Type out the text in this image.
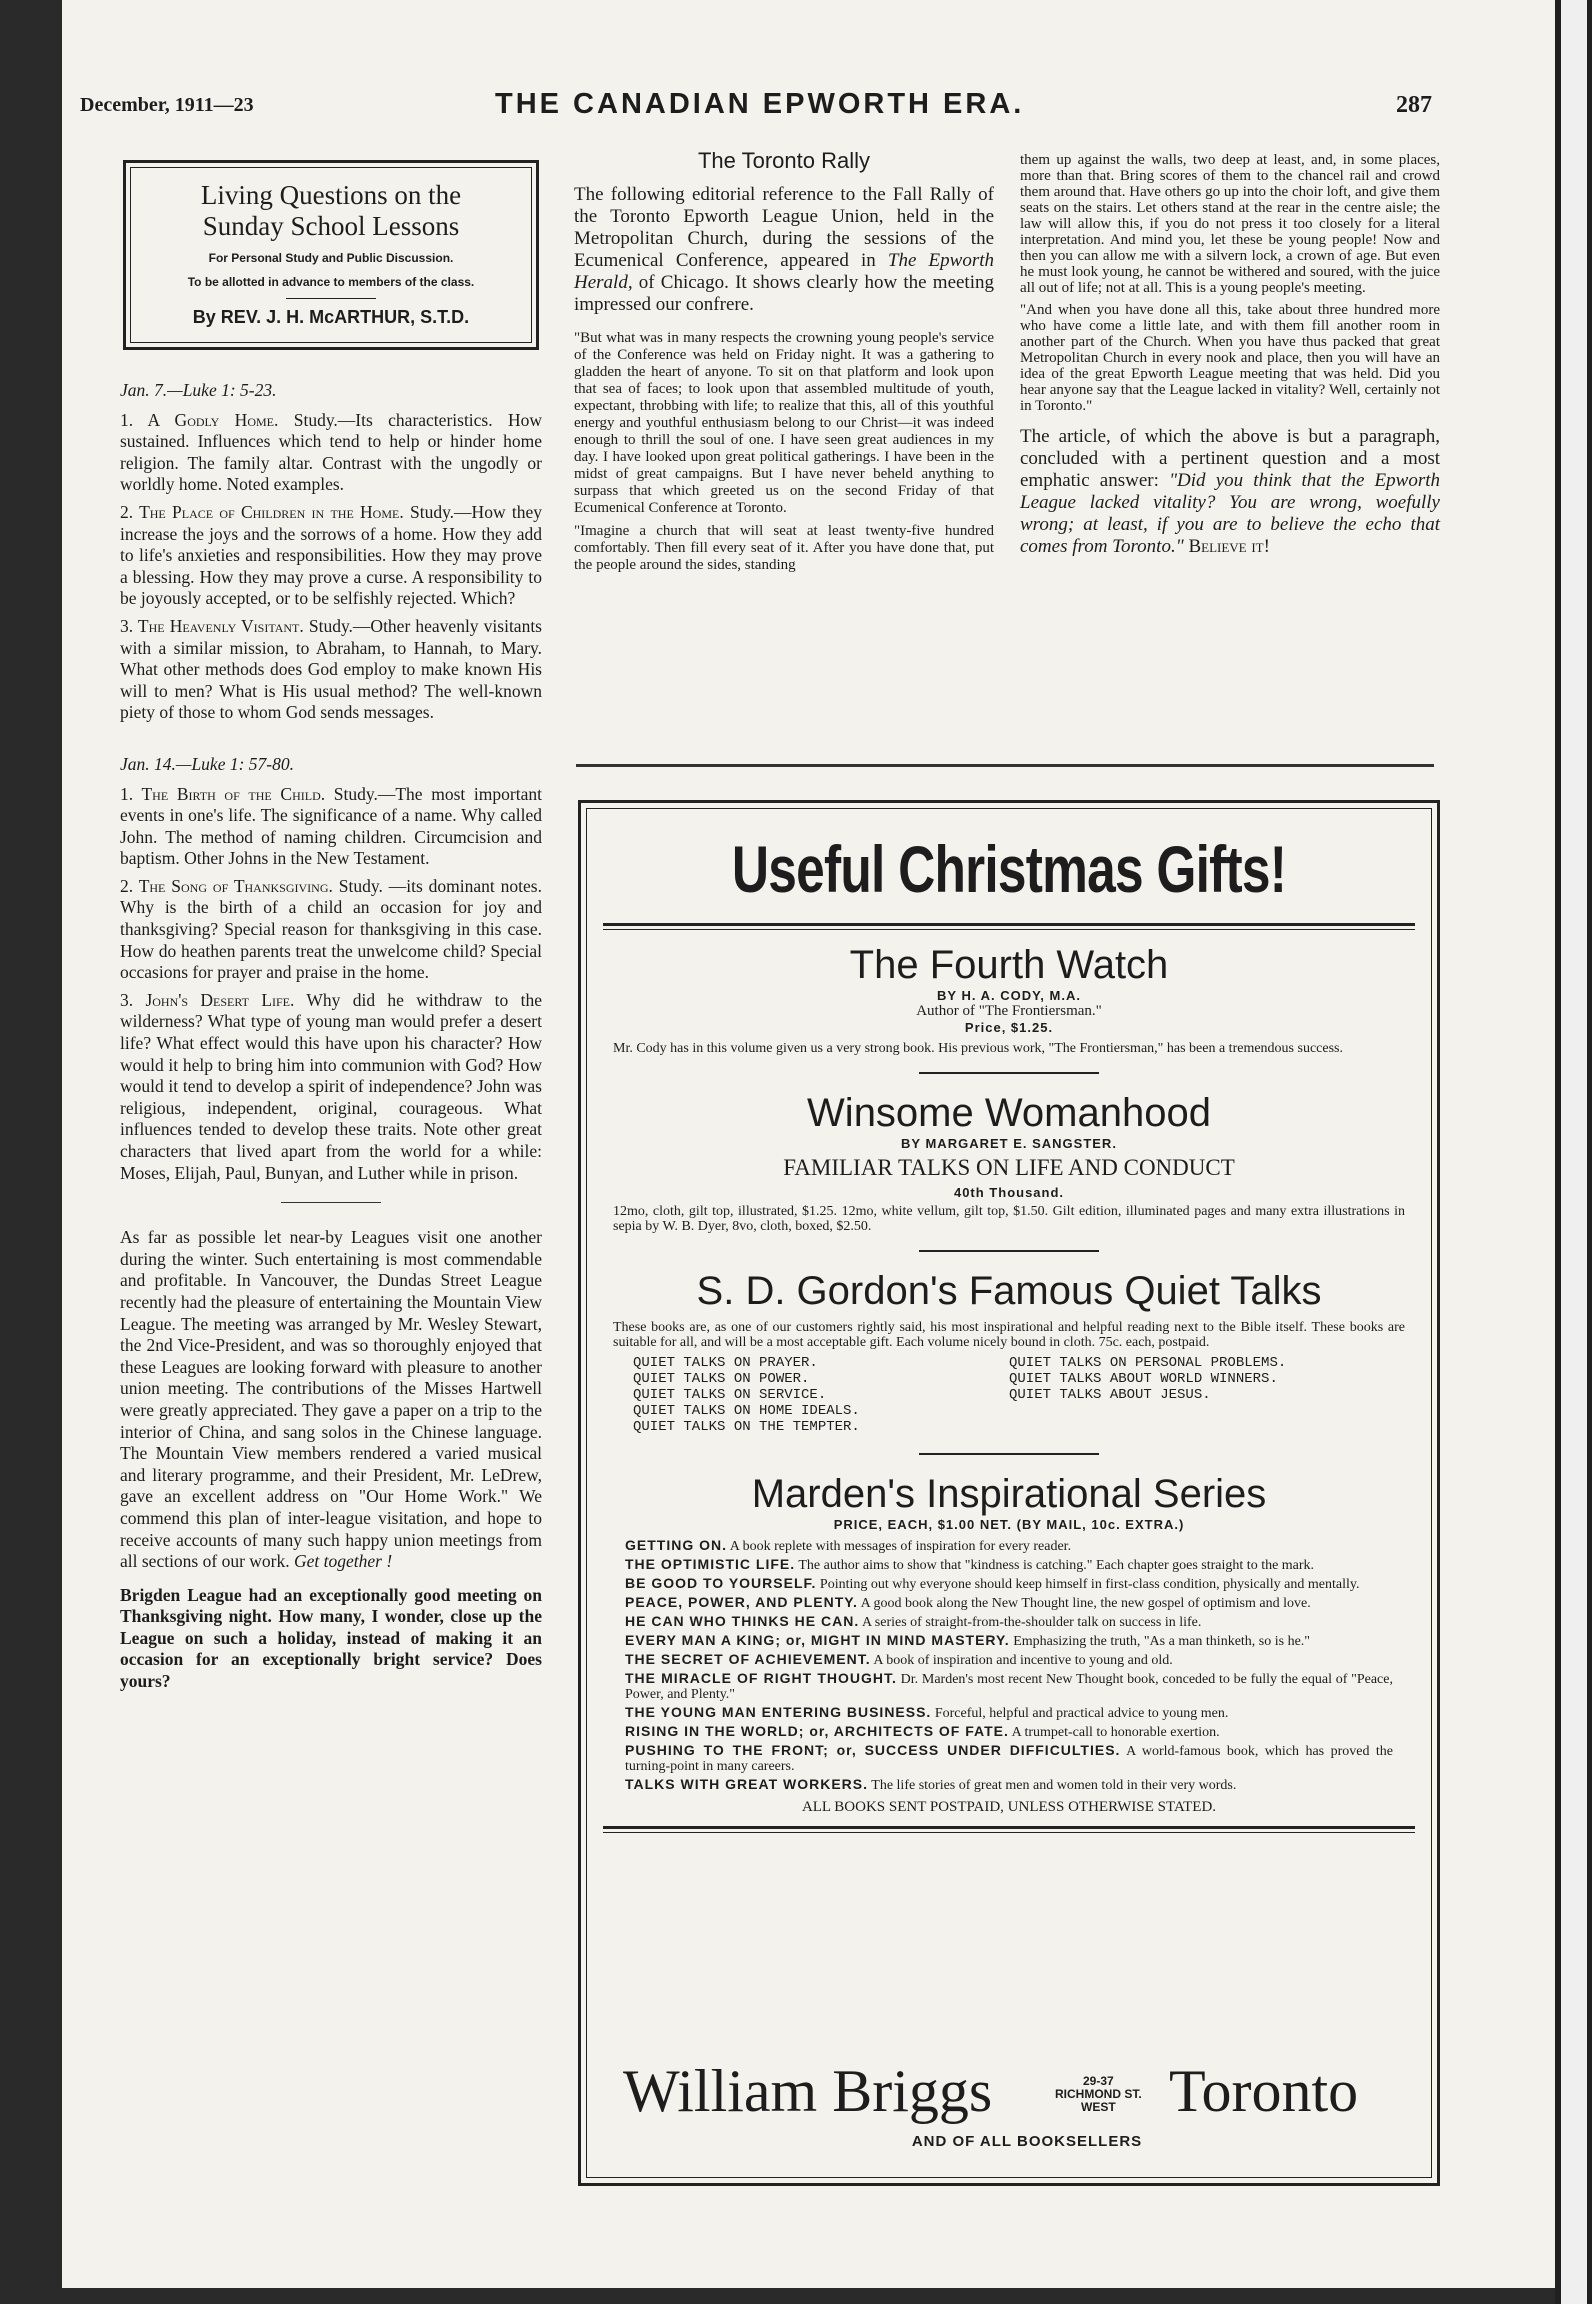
December, 1911—23	THE CANADIAN EPWORTH ERA.	287
Living Questions on the
Sunday School Lessons
For Personal Study and Public Discussion.
To be allotted in advance to members of the class.
By REV. J. H. McARTHUR, S.T.D.

Jan. 7.—Luke 1: 5-23.

1. A Godly Home. Study.—Its characteristics. How sustained. Influences which tend to help or hinder home religion. The family altar. Contrast with the ungodly or worldly home. Noted examples.

2. The Place of Children in the Home. Study.—How they increase the joys and the sorrows of a home. How they add to life's anxieties and responsibilities. How they may prove a blessing. How they may prove a curse. A responsibility to be joyously accepted, or to be selfishly rejected. Which?

3. The Heavenly Visitant. Study.—Other heavenly visitants with a similar mission, to Abraham, to Hannah, to Mary. What other methods does God employ to make known His will to men? What is His usual method? The well-known piety of those to whom God sends messages.

Jan. 14.—Luke 1: 57-80.

1. The Birth of the Child. Study.—The most important events in one's life. The significance of a name. Why called John. The method of naming children. Circumcision and baptism. Other Johns in the New Testament.

2. The Song of Thanksgiving. Study. —its dominant notes. Why is the birth of a child an occasion for joy and thanksgiving? Special reason for thanksgiving in this case. How do heathen parents treat the unwelcome child? Special occasions for prayer and praise in the home.

3. John's Desert Life. Why did he withdraw to the wilderness? What type of young man would prefer a desert life? What effect would this have upon his character? How would it help to bring him into communion with God? How would it tend to develop a spirit of independence? John was religious, independent, original, courageous. What influences tended to develop these traits. Note other great characters that lived apart from the world for a while: Moses, Elijah, Paul, Bunyan, and Luther while in prison.

As far as possible let near-by Leagues visit one another during the winter. Such entertaining is most commendable and profitable. In Vancouver, the Dundas Street League recently had the pleasure of entertaining the Mountain View League. The meeting was arranged by Mr. Wesley Stewart, the 2nd Vice-President, and was so thoroughly enjoyed that these Leagues are looking forward with pleasure to another union meeting. The contributions of the Misses Hartwell were greatly appreciated. They gave a paper on a trip to the interior of China, and sang solos in the Chinese language. The Mountain View members rendered a varied musical and literary programme, and their President, Mr. LeDrew, gave an excellent address on "Our Home Work." We commend this plan of inter-league visitation, and hope to receive accounts of many such happy union meetings from all sections of our work. Get together !

Brigden League had an exceptionally good meeting on Thanksgiving night. How many, I wonder, close up the League on such a holiday, instead of making it an occasion for an exceptionally bright service? Does yours?

The Toronto Rally

The following editorial reference to the Fall Rally of the Toronto Epworth League Union, held in the Metropolitan Church, during the sessions of the Ecumenical Conference, appeared in The Epworth Herald, of Chicago. It shows clearly how the meeting impressed our confrere.

"But what was in many respects the crowning young people's service of the Conference was held on Friday night. It was a gathering to gladden the heart of anyone. To sit on that platform and look upon that sea of faces; to look upon that assembled multitude of youth, expectant, throbbing with life; to realize that this, all of this youthful energy and youthful enthusiasm belong to our Christ—it was indeed enough to thrill the soul of one. I have seen great audiences in my day. I have looked upon great political gatherings. I have been in the midst of great campaigns. But I have never beheld anything to surpass that which greeted us on the second Friday of that Ecumenical Conference at Toronto.

"Imagine a church that will seat at least twenty-five hundred comfortably. Then fill every seat of it. After you have done that, put the people around the sides, standing

them up against the walls, two deep at least, and, in some places, more than that. Bring scores of them to the chancel rail and crowd them around that. Have others go up into the choir loft, and give them seats on the stairs. Let others stand at the rear in the centre aisle; the law will allow this, if you do not press it too closely for a literal interpretation. And mind you, let these be young people! Now and then you can allow me with a silvern lock, a crown of age. But even he must look young, he cannot be withered and soured, with the juice all out of life; not at all. This is a young people's meeting.

"And when you have done all this, take about three hundred more who have come a little late, and with them fill another room in another part of the Church. When you have thus packed that great Metropolitan Church in every nook and place, then you will have an idea of the great Epworth League meeting that was held. Did you hear anyone say that the League lacked in vitality? Well, certainly not in Toronto."

The article, of which the above is but a paragraph, concluded with a pertinent question and a most emphatic answer: "Did you think that the Epworth League lacked vitality? You are wrong, woefully wrong; at least, if you are to believe the echo that comes from Toronto." Believe it!

Useful Christmas Gifts!
The Fourth Watch
BY H. A. CODY, M.A.
Author of "The Frontiersman."
Price, $1.25.
Mr. Cody has in this volume given us a very strong book. His previous work, "The Frontiersman," has been a tremendous success.
Winsome Womanhood
BY MARGARET E. SANGSTER.
FAMILIAR TALKS ON LIFE AND CONDUCT
40th Thousand.
12mo, cloth, gilt top, illustrated, $1.25. 12mo, white vellum, gilt top, $1.50. Gilt edition, illuminated pages and many extra illustrations in sepia by W. B. Dyer, 8vo, cloth, boxed, $2.50.
S. D. Gordon's Famous Quiet Talks
These books are, as one of our customers rightly said, his most inspirational and helpful reading next to the Bible itself. These books are suitable for all, and will be a most acceptable gift. Each volume nicely bound in cloth. 75c. each, postpaid.
QUIET TALKS ON PRAYER.
QUIET TALKS ON POWER.
QUIET TALKS ON SERVICE.
QUIET TALKS ON HOME IDEALS.
QUIET TALKS ON THE TEMPTER.
QUIET TALKS ON PERSONAL PROBLEMS.
QUIET TALKS ABOUT WORLD WINNERS.
QUIET TALKS ABOUT JESUS.
Marden's Inspirational Series
PRICE, EACH, $1.00 NET. (BY MAIL, 10c. EXTRA.)
GETTING ON. A book replete with messages of inspiration for every reader.
THE OPTIMISTIC LIFE. The author aims to show that "kindness is catching." Each chapter goes straight to the mark.
BE GOOD TO YOURSELF. Pointing out why everyone should keep himself in first-class condition, physically and mentally.
PEACE, POWER, AND PLENTY. A good book along the New Thought line, the new gospel of optimism and love.
HE CAN WHO THINKS HE CAN. A series of straight-from-the-shoulder talk on success in life.
EVERY MAN A KING; or, MIGHT IN MIND MASTERY. Emphasizing the truth, "As a man thinketh, so is he."
THE SECRET OF ACHIEVEMENT. A book of inspiration and incentive to young and old.
THE MIRACLE OF RIGHT THOUGHT. Dr. Marden's most recent New Thought book, conceded to be fully the equal of "Peace, Power, and Plenty."
THE YOUNG MAN ENTERING BUSINESS. Forceful, helpful and practical advice to young men.
RISING IN THE WORLD; or, ARCHITECTS OF FATE. A trumpet-call to honorable exertion.
PUSHING TO THE FRONT; or, SUCCESS UNDER DIFFICULTIES. A world-famous book, which has proved the turning-point in many careers.
TALKS WITH GREAT WORKERS. The life stories of great men and women told in their very words.
ALL BOOKS SENT POSTPAID, UNLESS OTHERWISE STATED.
William Briggs	29-37
RICHMOND ST.
WEST Toronto
AND OF ALL BOOKSELLERS
